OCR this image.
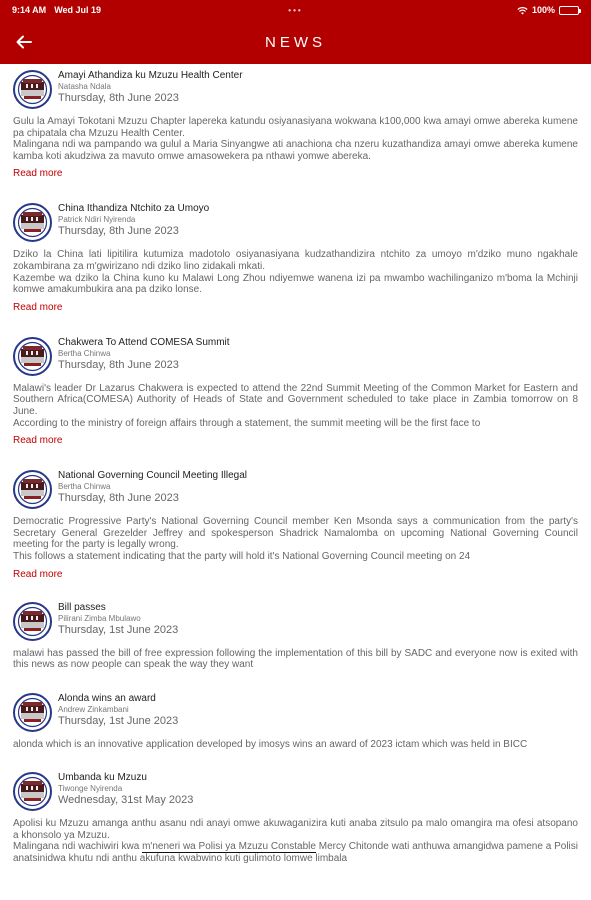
9:14 AM Wed Jul 19	•••	100%
NEWS
Amayi Athandiza ku Mzuzu Health Center
Natasha Ndala
Thursday, 8th June 2023
Gulu la Amayi Tokotani Mzuzu Chapter lapereka katundu osiyanasiyana wokwana k100,000 kwa amayi omwe abereka kumene pa chipatala cha Mzuzu Health Center.
Malingana ndi wa pampando wa gulul a Maria Sinyangwe ati anachiona cha nzeru kuzathandiza amayi omwe abereka kumene kamba koti akudziwa za mavuto omwe amasowekera pa nthawi yomwe abereka.
Read more
China Ithandiza Ntchito za Umoyo
Patrick Ndiri Nyirenda
Thursday, 8th June 2023
Dziko la China lati lipitilira kutumiza madotolo osiyanasiyana kudzathandizira ntchito za umoyo m'dziko muno ngakhale zokambirana za m'gwirizano ndi dziko lino zidakali mkati.
Kazembe wa dziko la China kuno ku Malawi Long Zhou ndiyemwe wanena izi pa mwambo wachilinganizo m'boma la Mchinji komwe amakumbukira ana pa dziko lonse.
Read more
Chakwera To Attend COMESA Summit
Bertha Chinwa
Thursday, 8th June 2023
Malawi's leader Dr Lazarus Chakwera is expected to attend the 22nd Summit Meeting of the Common Market for Eastern and Southern Africa(COMESA) Authority of Heads of State and Government scheduled to take place in Zambia tomorrow on 8 June.
According to the ministry of foreign affairs through a statement, the summit meeting will be the first face to
Read more
National Governing Council Meeting Illegal
Bertha Chinwa
Thursday, 8th June 2023
Democratic Progressive Party's National Governing Council member Ken Msonda says a communication from the party's Secretary General Grezelder Jeffrey and spokesperson Shadrick Namalomba on upcoming National Governing Council meeting for the party is legally wrong.
This follows a statement indicating that the party will hold it's National Governing Council meeting on 24
Read more
Bill passes
Pilirani Zimba Mbulawo
Thursday, 1st June 2023
malawi has passed the bill of free expression following the implementation of this bill by SADC and everyone now is exited with this news as now people can speak the way they want
Alonda wins an award
Andrew Zinkambani
Thursday, 1st June 2023
alonda which is an innovative application developed by imosys wins an award of 2023 ictam which was held in BICC
Umbanda ku Mzuzu
Tiwonge Nyirenda
Wednesday, 31st May 2023
Apolisi ku Mzuzu amanga anthu asanu ndi anayi omwe akuwaganizira kuti anaba zitsulo pa malo omangira ma ofesi atsopano a khonsolo ya Mzuzu.
Malingana ndi wachiwiri kwa m'neneri wa Polisi ya Mzuzu Constable Mercy Chitonde wati anthuwa amangidwa pamene a Polisi anatsinidwa khutu ndi anthu akufuna kwabwino kuti gulimoto lomwe limbala
